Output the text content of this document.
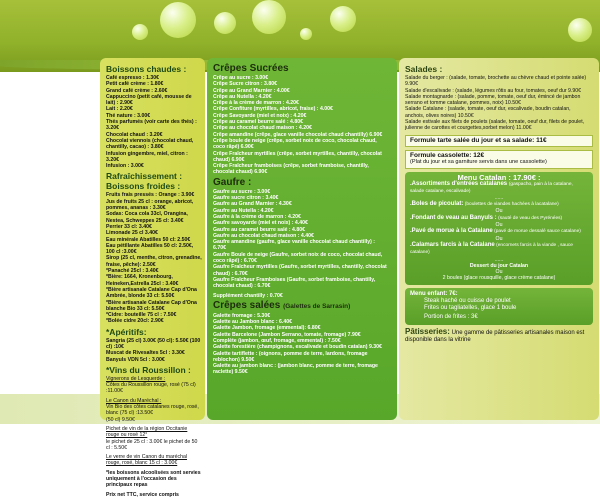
Boissons chaudes :
Café espresso : 1.30€
Petit café crème : 1.80€
Grand café crème : 2.60€
Cappuccino (petit café, mousse de lait) : 2.90€
Lait : 2.20€
Thé nature : 3.00€
Thés parfumés (voir carte des thés) : 3.20€
Chocolat chaud : 3.20€
Chocolat viennois (chocolat chaud, chantilly, cacao) : 3.80€
Infusion gingembre, miel, citron : 3.20€
Infusion : 3.00€
Rafraîchissement : Boissons froides :
Fruits frais pressés : Orange : 3.90€
Jus de fruits 25 cl : orange, abricot, pommes, ananas : 3.30€
Sodas: Coca cola 33cl, Orangina, Nestea, Schweppes 25 cl: 3.40€
Perrier 33 cl: 3.40€
Limonade 25 cl 3.40€
Eau minérale Abatilles 50 cl: 2.50€
Eau pétillante Abatilles 50 cl: 2.50€, 100 cl :3.00€
Sirop (25 cl, menthe, citron, grenadine, fraise, pêche): 2.50€
*Panaché 25cl : 3.40€
*Bière: 1664, Kronenbourg, Heineken,Estrella 25cl : 3.40€
*Bière artisanale Catalane Cap d'Ona Ambrée, blonde 33 cl: 5.50€
*Bière artisanale Catalane Cap d'Ona blanche Bio 33 cl: 5.50€
*Cidre: bouteille 75 cl : 7.50€
*Bolée cidre 20cl: 2.90€
*Apéritifs:
Sangria (25 cl) 3.00€ (50 cl): 5.50€ (100 cl) :10€
Muscat de Rivesaltes 5cl : 3.30€
Banyuls VDN 5cl : 3.00€
*Vins du Roussillon :
Vignerons de Lesquerde :
Côtes du Roussillon rouge, rosé (75 cl) :11.00€
Le Canon du Maréchal :
Vin Bio des côtes catalanes rouge, rosé, blanc (75 cl) :13.50€
(50 cl) 9.50€
Pichet de vin de la région Occitanie rouge ou rosé 12°
le pichet de 25 cl : 3.00€ le pichet de 50 cl : 5.50€
Le verre de vin Canon du maréchal rouge, rosé, blanc 15 cl : 3.00€
*les boissons alcoolisées sont servies uniquement à l'occasion des principaux repas
Prix net TTC, service compris
Crêpes Sucrées
Crêpe au sucre : 3.00€
Crêpe Sucre citron : 3.80€
Crêpe au Grand Marnier : 4.00€
Crêpe au Nutella : 4.20€
Crêpe à la crème de marron : 4.20€
Crêpe Confiture (myrtilles, abricot, fraise) : 4.00€
Crêpe Savoyarde (miel et noix) : 4.20€
Crêpe au caramel beurre salé : 4.80€
Crêpe au chocolat chaud maison : 4.20€
Crêpe amandine (crêpe, glace vanille chocolat chaud chantilly) 6.90€
Crêpe boule de neige (crêpe, sorbet noix de coco, chocolat chaud, coco râpé) 6.90€
Crêpe Fraîcheur myrtilles (crêpe, sorbet myrtilles, chantilly, chocolat chaud) 6.90€
Crêpe Fraîcheur framboises (crêpe, sorbet framboise, chantilly, chocolat chaud) 6.90€
Gaufre :
Gaufre au sucre : 3.00€
Gaufre sucre citron : 3.40€
Gaufre au Grand Marnier : 4.30€
Gaufre au Nutella : 4.20€
Gaufre à la crème de marron : 4.20€
Gaufre savoyarde (miel et noix) : 4.40€
Gaufre au caramel beurre salé : 4.80€
Gaufre au chocolat chaud maison : 4.40€
Gaufre amandine (gaufre, glace vanille chocolat chaud chantilly) : 6.70€
Gaufre Boule de neige (Gaufre, sorbet noix de coco, chocolat chaud, coco râpé) : 6.70€
Gaufre Fraîcheur myrtilles (Gaufre, sorbet myrtilles, chantilly, chocolat chaud) : 6.70€
Gaufre Fraîcheur Framboises (Gaufre, sorbet framboise, chantilly, chocolat chaud) : 6.70€
Supplément chantilly : 0.70€
Crêpes salées (Galettes de Sarrasin)
Galette fromage : 5.30€
Galette au Jambon blanc : 6.40€
Galette Jambon, fromage (emmental): 6.80€
Galette Barcelone (Jambon Serrano, tomate, fromage) 7.90€
Complète (jambon, œuf, fromage, emmental) : 7.50€
Galette forestière (champignons, escalivade et boudin catalan) 9.30€
Galette tartiflette : (oignons, pomme de terre, lardons, fromage reblochon) 9.50€
Galette au jambon blanc : (jambon blanc, pomme de terre, fromage raclette) 9.50€
Salades :
Salade du berger : (salade, tomate, brochette au chèvre chaud et pointe salée) 9.90€
Salade d'escalivade : (salade, légumes rôtis au four, tomates, oeuf dur 9.90€
Salade montagnarde : (salade, pomme, tomate, oeuf dur, émincé de jambon serrano et tomme catalane, pommes, noix) 10.50€
Salade Catalane : (salade, tomate, oeuf dur, escalivade, boudin catalan, anchois, olives noires) 10.50€
Salade estivale aux filets de poulets (salade, tomate, oeuf dur, filets de poulet, julienne de carottes et courgettes,sorbet melon) 11.00€
Formule tarte salée du jour et sa salade: 11€
Formule cassolette: 12€
(Plat du jour et sa garniture servis dans une cassolette)
Menu Catalan : 17.90€ :
.Assortiments d'entrées catalanes (gaspacho, pain à la catalane, salade catalane, escalivade)
......
.Boles de picoulat: (boulettes de viandes hachées à lacatalane)
Ou
.Fondant de veau au Banyuls : (sauté de veau des Pyrénées)
Ou
.Pavé de morue à la Catalane (pavé de morue dessalé sauce catalane)
Ou
.Calamars farcis à la Catalane (encornets farcis à la viande , sauce catalane)
......
Dessert du jour Catalan
Ou
2 boules (glace rousquille, glace crème catalane)
Menu enfant: 7€:
Steak haché ou cuisse de poulet
Frites ou tagliatelles, glace 1 boule
Portion de frites : 3€
Pâtisseries: Une gamme de pâtisseries artisanales maison est disponible dans la vitrine
